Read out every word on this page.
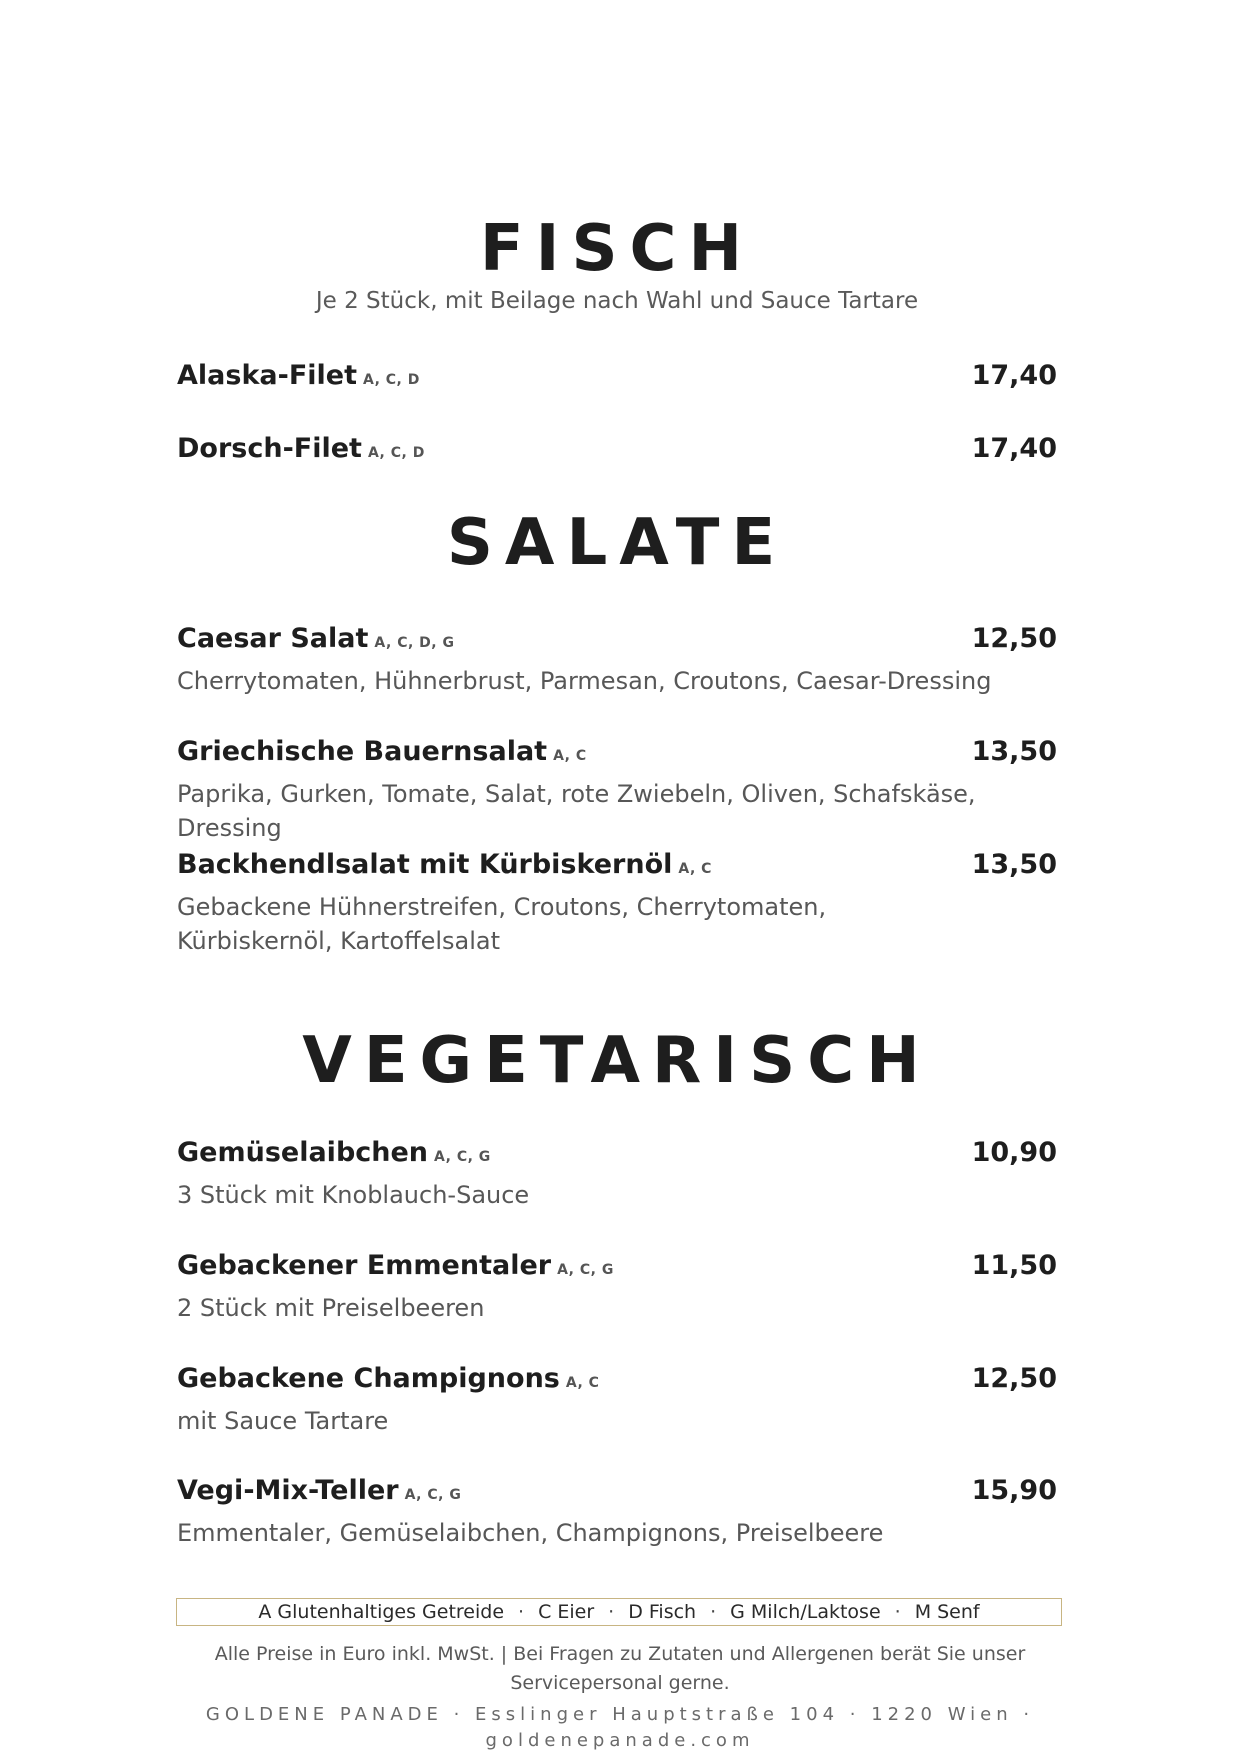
FISCH

Je 2 Stück, mit Beilage nach Wahl und Sauce Tartare

Alaska-Filet A, C, D	17,40
Dorsch-Filet A, C, D	17,40
SALATE
Caesar Salat A, C, D, G	12,50
Cherrytomaten, Hühnerbrust, Parmesan, Croutons, Caesar-Dressing
Griechische Bauernsalat A, C	13,50
Paprika, Gurken, Tomate, Salat, rote Zwiebeln, Oliven, Schafskäse, Dressing
Backhendlsalat mit Kürbiskernöl A, C	13,50
Gebackene Hühnerstreifen, Croutons, Cherrytomaten, Kürbiskernöl, Kartoffelsalat
VEGETARISCH
Gemüselaibchen A, C, G	10,90
3 Stück mit Knoblauch-Sauce
Gebackener Emmentaler A, C, G	11,50
2 Stück mit Preiselbeeren
Gebackene Champignons A, C	12,50
mit Sauce Tartare
Vegi-Mix-Teller A, C, G	15,90
Emmentaler, Gemüselaibchen, Champignons, Preiselbeere
A Glutenhaltiges Getreide · C Eier · D Fisch · G Milch/Laktose · M Senf
Alle Preise in Euro inkl. MwSt. | Bei Fragen zu Zutaten und Allergenen berät Sie unser Servicepersonal gerne.
GOLDENE PANADE · Esslinger Hauptstraße 104 · 1220 Wien · goldenepanade.com
